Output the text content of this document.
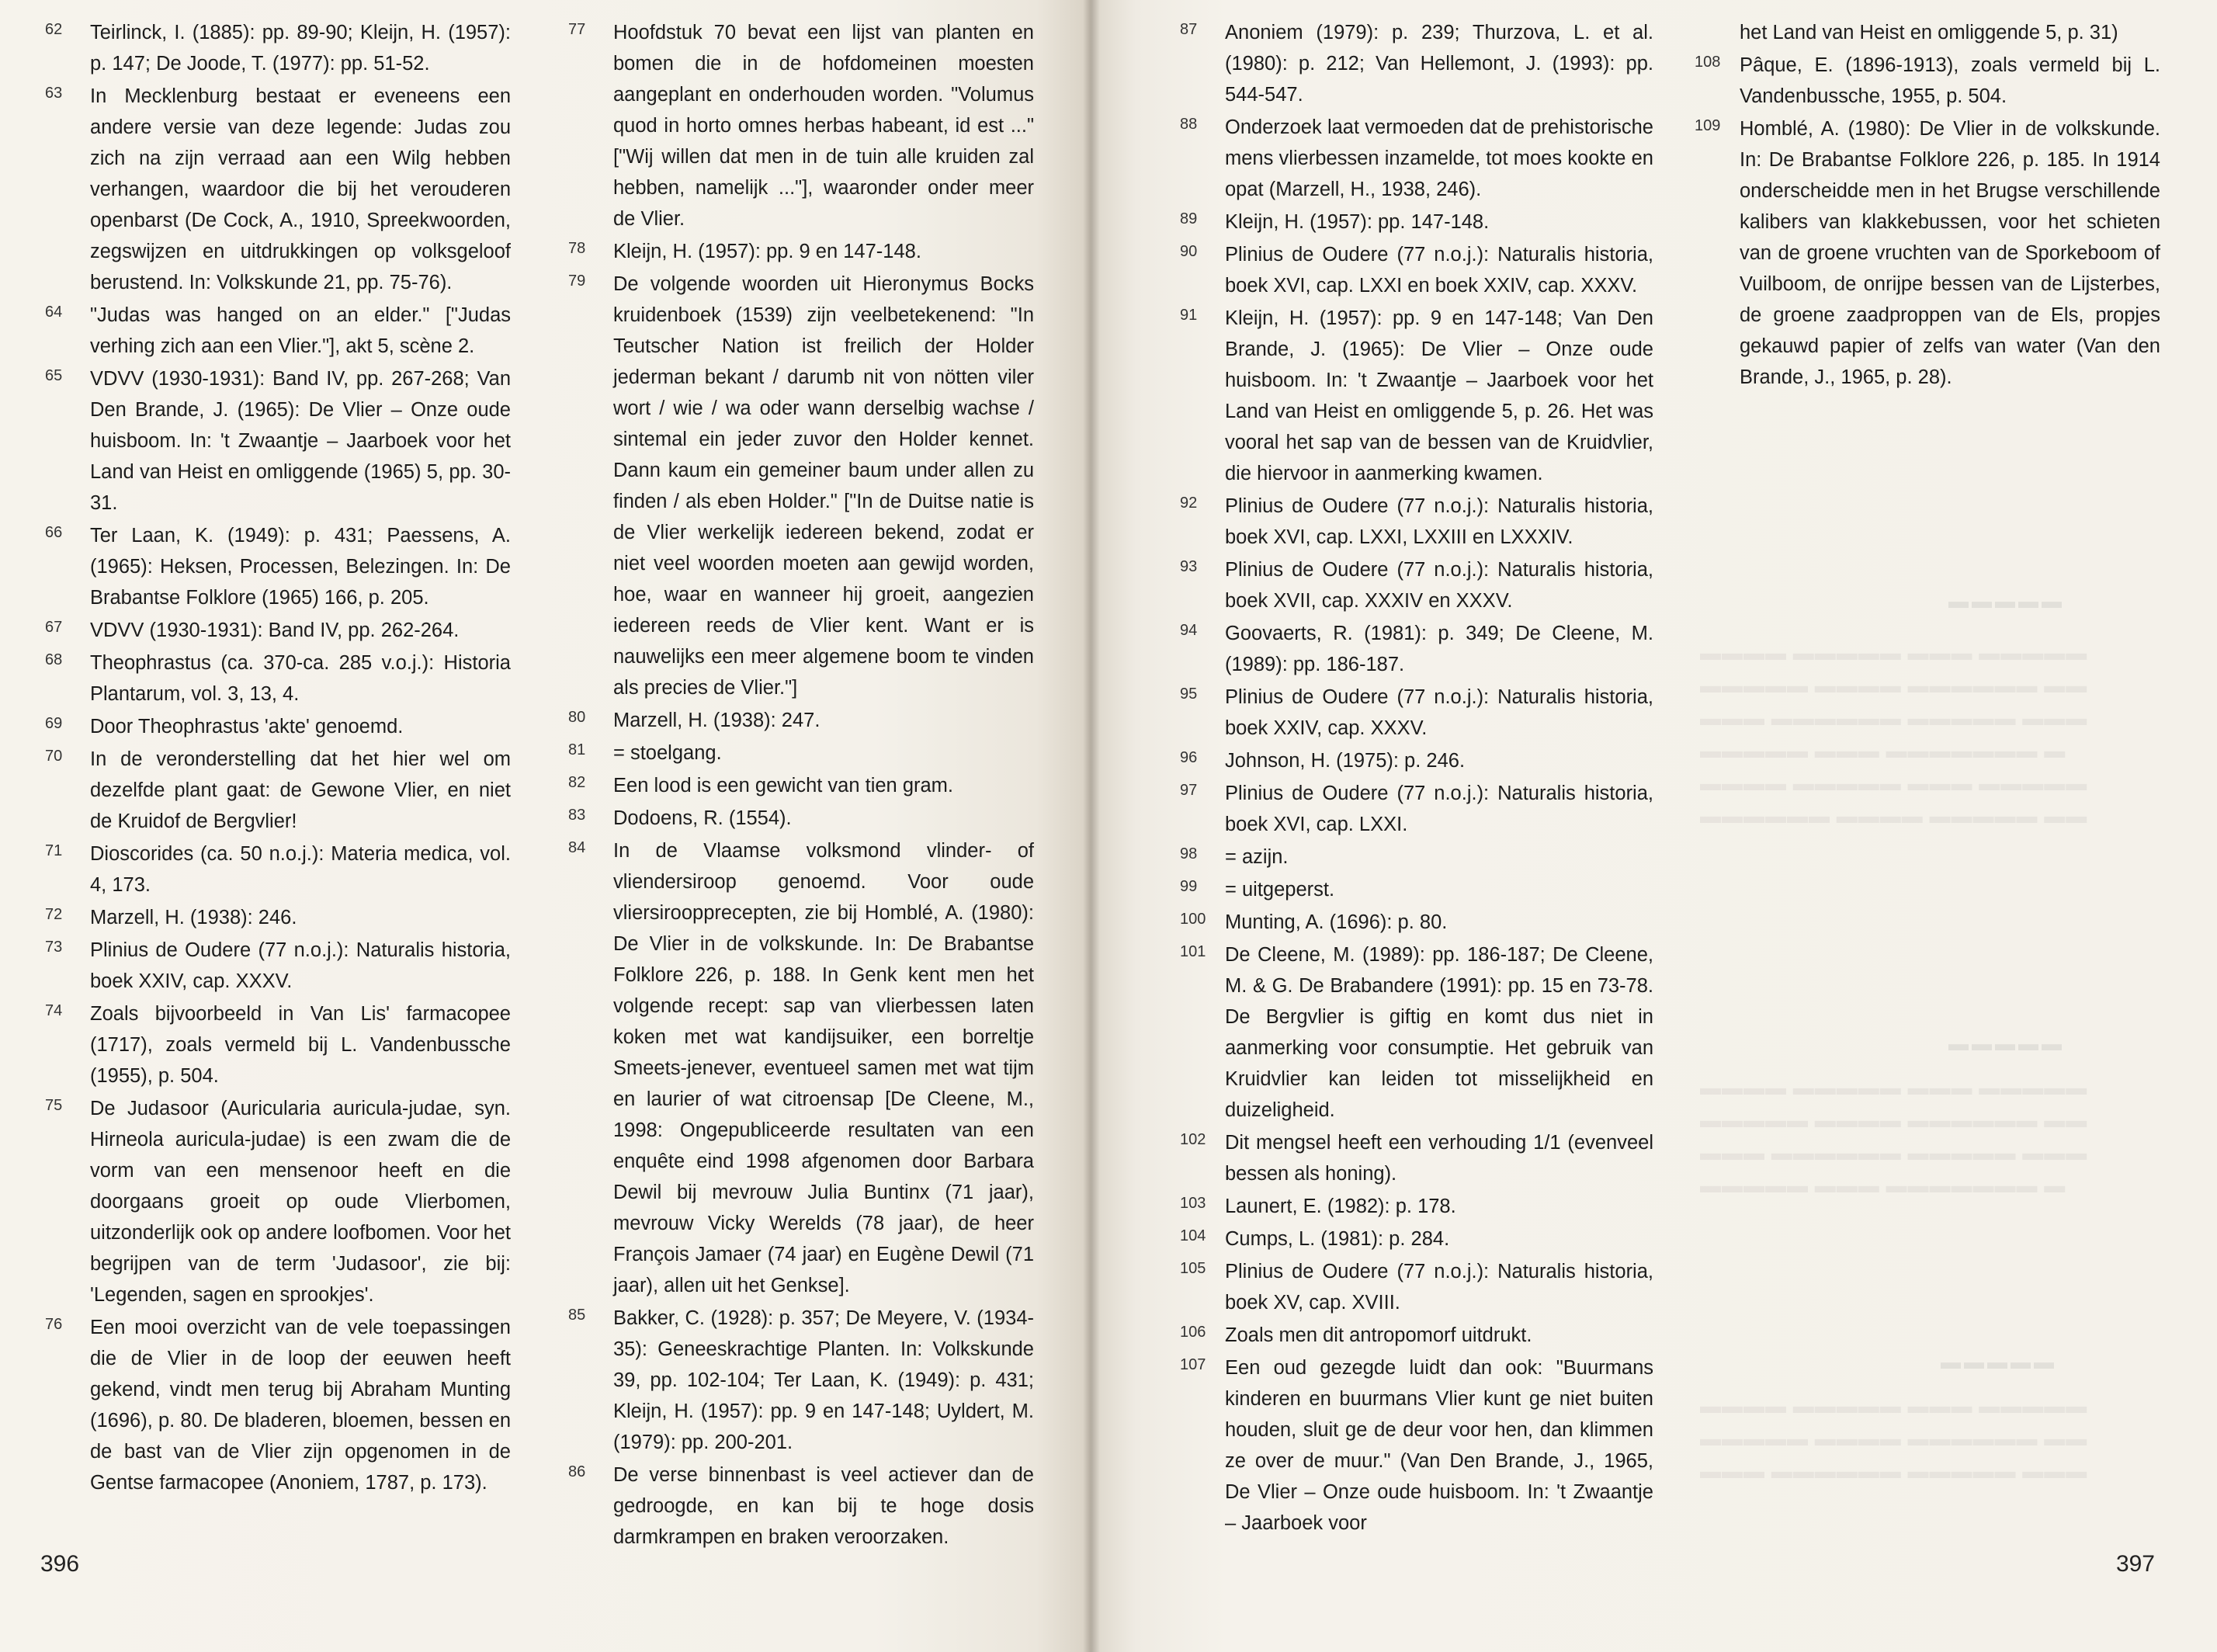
62	Teirlinck, I. (1885): pp. 89-90; Kleijn, H. (1957): p. 147; De Joode, T. (1977): pp. 51-52.
63	In Mecklenburg bestaat er eveneens een andere versie van deze legende: Judas zou zich na zijn verraad aan een Wilg hebben verhangen, waardoor die bij het verouderen openbarst (De Cock, A., 1910, Spreekwoorden, zegswijzen en uitdrukkingen op volksgeloof berustend. In: Volkskunde 21, pp. 75-76).
64	"Judas was hanged on an elder." ["Judas verhing zich aan een Vlier."], akt 5, scène 2.
65	VDVV (1930-1931): Band IV, pp. 267-268; Van Den Brande, J. (1965): De Vlier – Onze oude huisboom. In: 't Zwaantje – Jaarboek voor het Land van Heist en omliggende (1965) 5, pp. 30-31.
66	Ter Laan, K. (1949): p. 431; Paessens, A. (1965): Heksen, Processen, Belezingen. In: De Brabantse Folklore (1965) 166, p. 205.
67	VDVV (1930-1931): Band IV, pp. 262-264.
68	Theophrastus (ca. 370-ca. 285 v.o.j.): Historia Plantarum, vol. 3, 13, 4.
69	Door Theophrastus 'akte' genoemd.
70	In de veronderstelling dat het hier wel om dezelfde plant gaat: de Gewone Vlier, en niet de Kruidof de Bergvlier!
71	Dioscorides (ca. 50 n.o.j.): Materia medica, vol. 4, 173.
72	Marzell, H. (1938): 246.
73	Plinius de Oudere (77 n.o.j.): Naturalis historia, boek XXIV, cap. XXXV.
74	Zoals bijvoorbeeld in Van Lis' farmacopee (1717), zoals vermeld bij L. Vandenbussche (1955), p. 504.
75	De Judasoor (Auricularia auricula-judae, syn. Hirneola auricula-judae) is een zwam die de vorm van een mensenoor heeft en die doorgaans groeit op oude Vlierbomen, uitzonderlijk ook op andere loofbomen. Voor het begrijpen van de term 'Judasoor', zie bij: 'Legenden, sagen en sprookjes'.
76	Een mooi overzicht van de vele toepassingen die de Vlier in de loop der eeuwen heeft gekend, vindt men terug bij Abraham Munting (1696), p. 80. De bladeren, bloemen, bessen en de bast van de Vlier zijn opgenomen in de Gentse farmacopee (Anoniem, 1787, p. 173).
77	Hoofdstuk 70 bevat een lijst van planten en bomen die in de hofdomeinen moesten aangeplant en onderhouden worden. "Volumus quod in horto omnes herbas habeant, id est ..." ["Wij willen dat men in de tuin alle kruiden zal hebben, namelijk ..."], waaronder onder meer de Vlier.
78	Kleijn, H. (1957): pp. 9 en 147-148.
79	De volgende woorden uit Hieronymus Bocks kruidenboek (1539) zijn veelbetekenend: "In Teutscher Nation ist freilich der Holder jederman bekant / darumb nit von nötten viler wort / wie / wa oder wann derselbig wachse / sintemal ein jeder zuvor den Holder kennet. Dann kaum ein gemeiner baum under allen zu finden / als eben Holder." ["In de Duitse natie is de Vlier werkelijk iedereen bekend, zodat er niet veel woorden moeten aan gewijd worden, hoe, waar en wanneer hij groeit, aangezien iedereen reeds de Vlier kent. Want er is nauwelijks een meer algemene boom te vinden als precies de Vlier."]
80	Marzell, H. (1938): 247.
81	= stoelgang.
82	Een lood is een gewicht van tien gram.
83	Dodoens, R. (1554).
84	In de Vlaamse volksmond vlinder- of vliendersiroop genoemd. Voor oude vliersiroopprecepten, zie bij Homblé, A. (1980): De Vlier in de volkskunde. In: De Brabantse Folklore 226, p. 188. In Genk kent men het volgende recept: sap van vlierbessen laten koken met wat kandijsuiker, een borreltje Smeets-jenever, eventueel samen met wat tijm en laurier of wat citroensap [De Cleene, M., 1998: Ongepubliceerde resultaten van een enquête eind 1998 afgenomen door Barbara Dewil bij mevrouw Julia Buntinx (71 jaar), mevrouw Vicky Werelds (78 jaar), de heer François Jamaer (74 jaar) en Eugène Dewil (71 jaar), allen uit het Genkse].
85	Bakker, C. (1928): p. 357; De Meyere, V. (1934-35): Geneeskrachtige Planten. In: Volkskunde 39, pp. 102-104; Ter Laan, K. (1949): p. 431; Kleijn, H. (1957): pp. 9 en 147-148; Uyldert, M. (1979): pp. 200-201.
86	De verse binnenbast is veel actiever dan de gedroogde, en kan bij te hoge dosis darmkrampen en braken veroorzaken.
396
87	Anoniem (1979): p. 239; Thurzova, L. et al. (1980): p. 212; Van Hellemont, J. (1993): pp. 544-547.
88	Onderzoek laat vermoeden dat de prehistorische mens vlierbessen inzamelde, tot moes kookte en opat (Marzell, H., 1938, 246).
89	Kleijn, H. (1957): pp. 147-148.
90	Plinius de Oudere (77 n.o.j.): Naturalis historia, boek XVI, cap. LXXI en boek XXIV, cap. XXXV.
91	Kleijn, H. (1957): pp. 9 en 147-148; Van Den Brande, J. (1965): De Vlier – Onze oude huisboom. In: 't Zwaantje – Jaarboek voor het Land van Heist en omliggende 5, p. 26. Het was vooral het sap van de bessen van de Kruidvlier, die hiervoor in aanmerking kwamen.
92	Plinius de Oudere (77 n.o.j.): Naturalis historia, boek XVI, cap. LXXI, LXXIII en LXXXIV.
93	Plinius de Oudere (77 n.o.j.): Naturalis historia, boek XVII, cap. XXXIV en XXXV.
94	Goovaerts, R. (1981): p. 349; De Cleene, M. (1989): pp. 186-187.
95	Plinius de Oudere (77 n.o.j.): Naturalis historia, boek XXIV, cap. XXXV.
96	Johnson, H. (1975): p. 246.
97	Plinius de Oudere (77 n.o.j.): Naturalis historia, boek XVI, cap. LXXI.
98	= azijn.
99	= uitgeperst.
100 Munting, A. (1696): p. 80.
101 De Cleene, M. (1989): pp. 186-187; De Cleene, M. & G. De Brabandere (1991): pp. 15 en 73-78. De Bergvlier is giftig en komt dus niet in aanmerking voor consumptie. Het gebruik van Kruidvlier kan leiden tot misselijkheid en duizeligheid.
102 Dit mengsel heeft een verhouding 1/1 (evenveel bessen als honing).
103 Launert, E. (1982): p. 178.
104 Cumps, L. (1981): p. 284.
105 Plinius de Oudere (77 n.o.j.): Naturalis historia, boek XV, cap. XVIII.
106 Zoals men dit antropomorf uitdrukt.
107 Een oud gezegde luidt dan ook: "Buurmans kinderen en buurmans Vlier kunt ge niet buiten houden, sluit ge de deur voor hen, dan klimmen ze over de muur." (Van Den Brande, J., 1965, De Vlier – Onze oude huisboom. In: 't Zwaantje – Jaarboek voor
het Land van Heist en omliggende 5, p. 31)
108 Pâque, E. (1896-1913), zoals vermeld bij L. Vandenbussche, 1955, p. 504.
109 Homblé, A. (1980): De Vlier in de volkskunde. In: De Brabantse Folklore 226, p. 185. In 1914 onderscheidde men in het Brugse verschillende kalibers van klakkebussen, voor het schieten van de groene vruchten van de Sporkeboom of Vuilboom, de onrijpe bessen van de Lijsterbes, de groene zaadproppen van de Els, propjes gekauwd papier of zelfs van water (Van den Brande, J., 1965, p. 28).
397
▬▬▬▬▬
▬▬▬▬▬
▬▬▬▬▬
▬▬▬▬ ▬▬▬▬▬ ▬▬▬ ▬▬▬▬▬
▬▬▬▬▬ ▬▬▬▬ ▬▬▬▬▬▬ ▬▬
▬▬▬ ▬▬▬▬▬▬ ▬▬▬▬▬ ▬▬▬
▬▬▬▬▬ ▬▬▬ ▬▬▬▬▬▬▬ ▬
▬▬▬▬ ▬▬▬▬▬ ▬▬▬ ▬▬▬▬▬
▬▬▬▬▬▬ ▬▬▬▬ ▬▬▬▬▬ ▬▬
▬▬▬▬ ▬▬▬▬▬ ▬▬▬ ▬▬▬▬▬
▬▬▬▬▬ ▬▬▬▬ ▬▬▬▬▬▬ ▬▬
▬▬▬ ▬▬▬▬▬▬ ▬▬▬▬▬ ▬▬▬
▬▬▬▬▬ ▬▬▬ ▬▬▬▬▬▬▬ ▬
▬▬▬▬ ▬▬▬▬▬ ▬▬▬ ▬▬▬▬▬
▬▬▬▬▬ ▬▬▬▬ ▬▬▬▬▬▬ ▬▬
▬▬▬ ▬▬▬▬▬▬ ▬▬▬▬▬ ▬▬▬
